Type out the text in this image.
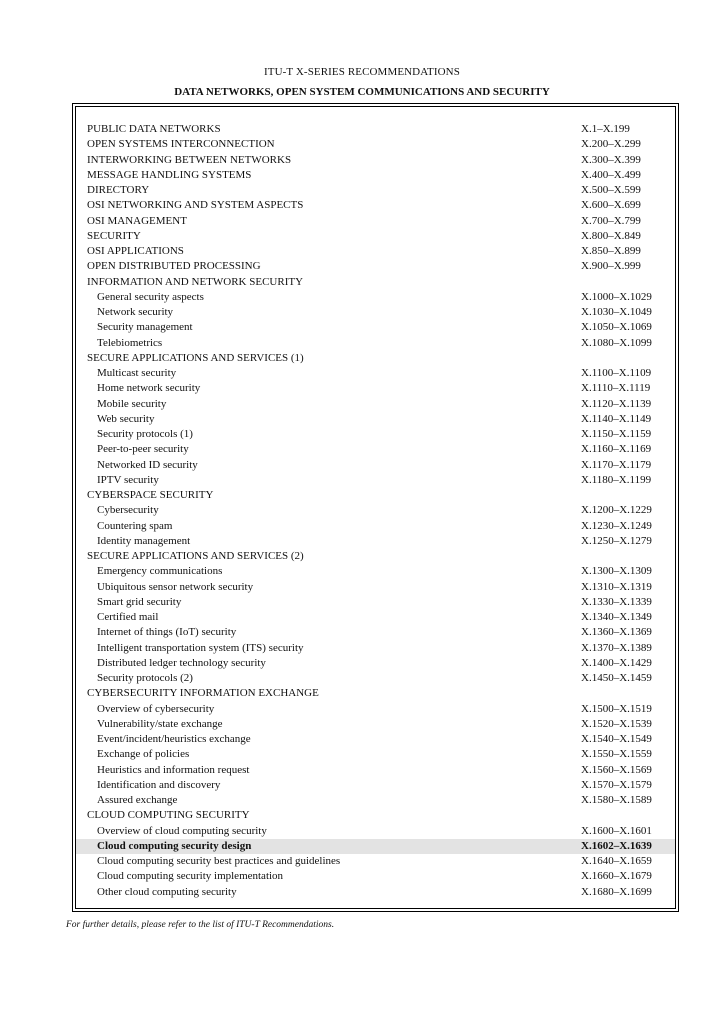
ITU-T X-SERIES RECOMMENDATIONS
DATA NETWORKS, OPEN SYSTEM COMMUNICATIONS AND SECURITY
PUBLIC DATA NETWORKS	X.1–X.199
OPEN SYSTEMS INTERCONNECTION	X.200–X.299
INTERWORKING BETWEEN NETWORKS	X.300–X.399
MESSAGE HANDLING SYSTEMS	X.400–X.499
DIRECTORY	X.500–X.599
OSI NETWORKING AND SYSTEM ASPECTS	X.600–X.699
OSI MANAGEMENT	X.700–X.799
SECURITY	X.800–X.849
OSI APPLICATIONS	X.850–X.899
OPEN DISTRIBUTED PROCESSING	X.900–X.999
INFORMATION AND NETWORK SECURITY
General security aspects	X.1000–X.1029
Network security	X.1030–X.1049
Security management	X.1050–X.1069
Telebiometrics	X.1080–X.1099
SECURE APPLICATIONS AND SERVICES (1)
Multicast security	X.1100–X.1109
Home network security	X.1110–X.1119
Mobile security	X.1120–X.1139
Web security	X.1140–X.1149
Security protocols (1)	X.1150–X.1159
Peer-to-peer security	X.1160–X.1169
Networked ID security	X.1170–X.1179
IPTV security	X.1180–X.1199
CYBERSPACE SECURITY
Cybersecurity	X.1200–X.1229
Countering spam	X.1230–X.1249
Identity management	X.1250–X.1279
SECURE APPLICATIONS AND SERVICES (2)
Emergency communications	X.1300–X.1309
Ubiquitous sensor network security	X.1310–X.1319
Smart grid security	X.1330–X.1339
Certified mail	X.1340–X.1349
Internet of things (IoT) security	X.1360–X.1369
Intelligent transportation system (ITS) security	X.1370–X.1389
Distributed ledger technology security	X.1400–X.1429
Security protocols (2)	X.1450–X.1459
CYBERSECURITY INFORMATION EXCHANGE
Overview of cybersecurity	X.1500–X.1519
Vulnerability/state exchange	X.1520–X.1539
Event/incident/heuristics exchange	X.1540–X.1549
Exchange of policies	X.1550–X.1559
Heuristics and information request	X.1560–X.1569
Identification and discovery	X.1570–X.1579
Assured exchange	X.1580–X.1589
CLOUD COMPUTING SECURITY
Overview of cloud computing security	X.1600–X.1601
Cloud computing security design	X.1602–X.1639
Cloud computing security best practices and guidelines	X.1640–X.1659
Cloud computing security implementation	X.1660–X.1679
Other cloud computing security	X.1680–X.1699
For further details, please refer to the list of ITU-T Recommendations.
